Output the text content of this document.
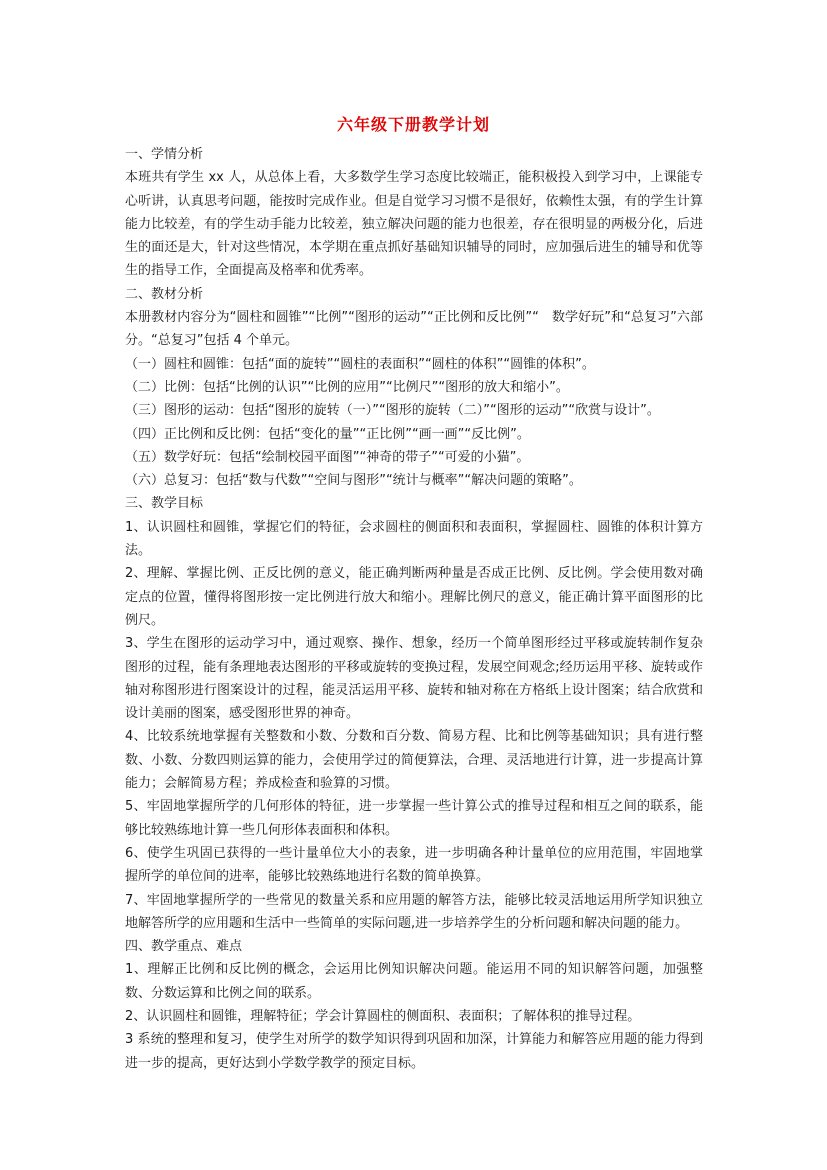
六年级下册教学计划

一、学情分析

本班共有学生 xx 人，从总体上看，大多数学生学习态度比较端正，能积极投入到学习中，上课能专心听讲，认真思考问题，能按时完成作业。但是自觉学习习惯不是很好，依赖性太强，有的学生计算能力比较差，有的学生动手能力比较差，独立解决问题的能力也很差，存在很明显的两极分化，后进生的面还是大，针对这些情况，本学期在重点抓好基础知识辅导的同时，应加强后进生的辅导和优等生的指导工作，全面提高及格率和优秀率。

二、教材分析

本册教材内容分为“圆柱和圆锥”“比例”“图形的运动”“正比例和反比例”“　数学好玩”和“总复习”六部分。“总复习”包括 4 个单元。

（一）圆柱和圆锥：包括“面的旋转”“圆柱的表面积”“圆柱的体积”“圆锥的体积”。

（二）比例：包括“比例的认识”“比例的应用”“比例尺”“图形的放大和缩小”。

（三）图形的运动：包括“图形的旋转（一）”“图形的旋转（二）”“图形的运动”“欣赏与设计”。

（四）正比例和反比例：包括“变化的量”“正比例”“画一画”“反比例”。

（五）数学好玩：包括“绘制校园平面图”“神奇的带子”“可爱的小猫”。

（六）总复习：包括“数与代数”“空间与图形”“统计与概率”“解决问题的策略”。

三、教学目标

1、认识圆柱和圆锥，掌握它们的特征，会求圆柱的侧面积和表面积，掌握圆柱、圆锥的体积计算方法。

2、理解、掌握比例、正反比例的意义，能正确判断两种量是否成正比例、反比例。学会使用数对确定点的位置，懂得将图形按一定比例进行放大和缩小。理解比例尺的意义，能正确计算平面图形的比例尺。

3、学生在图形的运动学习中，通过观察、操作、想象，经历一个简单图形经过平移或旋转制作复杂图形的过程，能有条理地表达图形的平移或旋转的变换过程，发展空间观念;经历运用平移、旋转或作轴对称图形进行图案设计的过程，能灵活运用平移、旋转和轴对称在方格纸上设计图案；结合欣赏和设计美丽的图案，感受图形世界的神奇。

4、比较系统地掌握有关整数和小数、分数和百分数、简易方程、比和比例等基础知识；具有进行整数、小数、分数四则运算的能力，会使用学过的简便算法，合理、灵活地进行计算，进一步提高计算能力；会解简易方程；养成检查和验算的习惯。

5、牢固地掌握所学的几何形体的特征，进一步掌握一些计算公式的推导过程和相互之间的联系，能够比较熟练地计算一些几何形体表面积和体积。

6、使学生巩固已获得的一些计量单位大小的表象，进一步明确各种计量单位的应用范围，牢固地掌握所学的单位间的进率，能够比较熟练地进行名数的简单换算。

7、牢固地掌握所学的一些常见的数量关系和应用题的解答方法，能够比较灵活地运用所学知识独立地解答所学的应用题和生活中一些简单的实际问题,进一步培养学生的分析问题和解决问题的能力。

四、教学重点、难点

1、理解正比例和反比例的概念，会运用比例知识解决问题。能运用不同的知识解答问题，加强整数、分数运算和比例之间的联系。

2、认识圆柱和圆锥，理解特征；学会计算圆柱的侧面积、表面积；了解体积的推导过程。

3 系统的整理和复习，使学生对所学的数学知识得到巩固和加深，计算能力和解答应用题的能力得到进一步的提高，更好达到小学数学教学的预定目标。
